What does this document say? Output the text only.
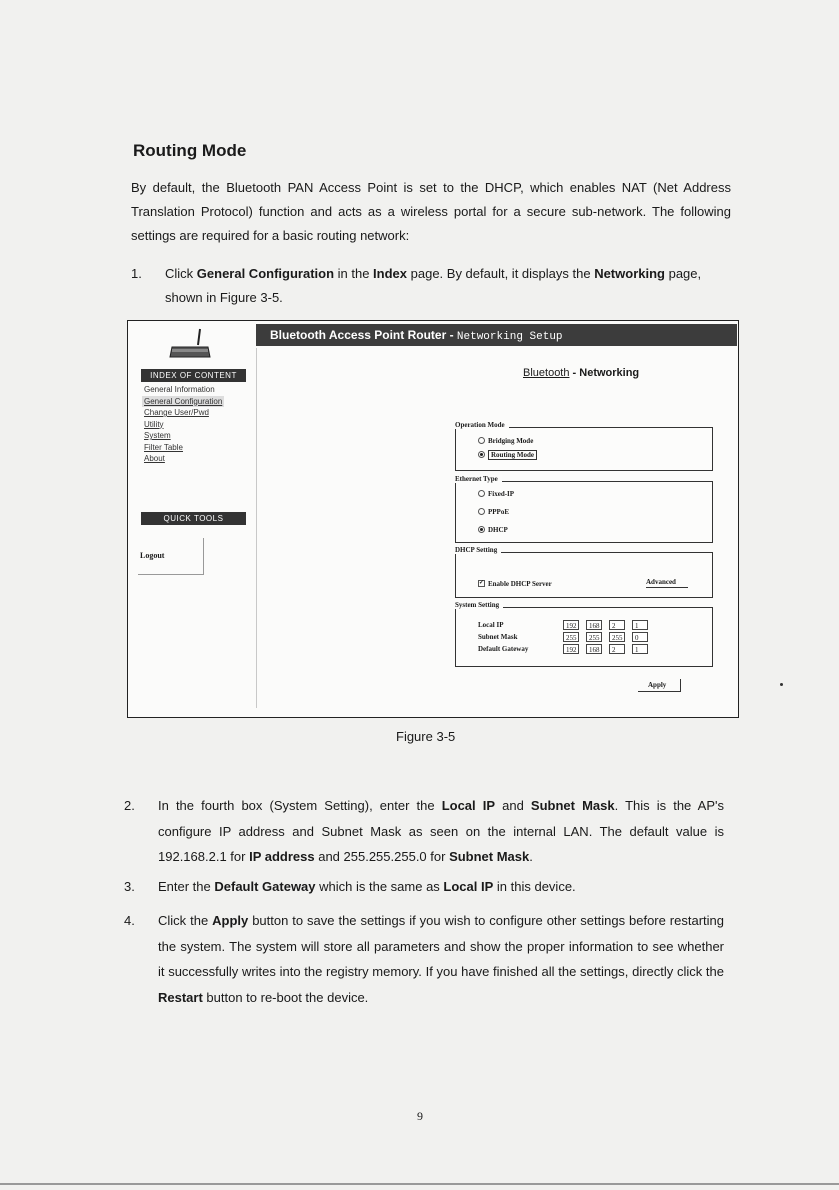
Routing Mode

By default, the Bluetooth PAN Access Point is set to the DHCP, which enables NAT (Net Address Translation Protocol) function and acts as a wireless portal for a secure sub-network. The following settings are required for a basic routing network:

1. Click General Configuration in the Index page. By default, it displays the Networking page, shown in Figure 3-5.
Bluetooth Access Point Router - Networking Setup
INDEX OF CONTENT
General Information
General Configuration
Change User/Pwd
Utility
System
Filter Table
About
QUICK TOOLS
Logout
Bluetooth - Networking
Operation Mode
Bridging Mode
Routing Mode
Ethernet Type
Fixed-IP
PPPoE
DHCP
DHCP Setting
✓ Enable DHCP Server	Advanced
System Setting
Local IP	192	168	2	1
Subnet Mask	255	255	255	0
Default Gateway	192	168	2	1
Apply
Figure 3-5
2. In the fourth box (System Setting), enter the Local IP and Subnet Mask. This is the AP's configure IP address and Subnet Mask as seen on the internal LAN. The default value is 192.168.2.1 for IP address and 255.255.255.0 for Subnet Mask.
3. Enter the Default Gateway which is the same as Local IP in this device.
4. Click the Apply button to save the settings if you wish to configure other settings before restarting the system. The system will store all parameters and show the proper information to see whether it successfully writes into the registry memory. If you have finished all the settings, directly click the Restart button to re-boot the device.
9
